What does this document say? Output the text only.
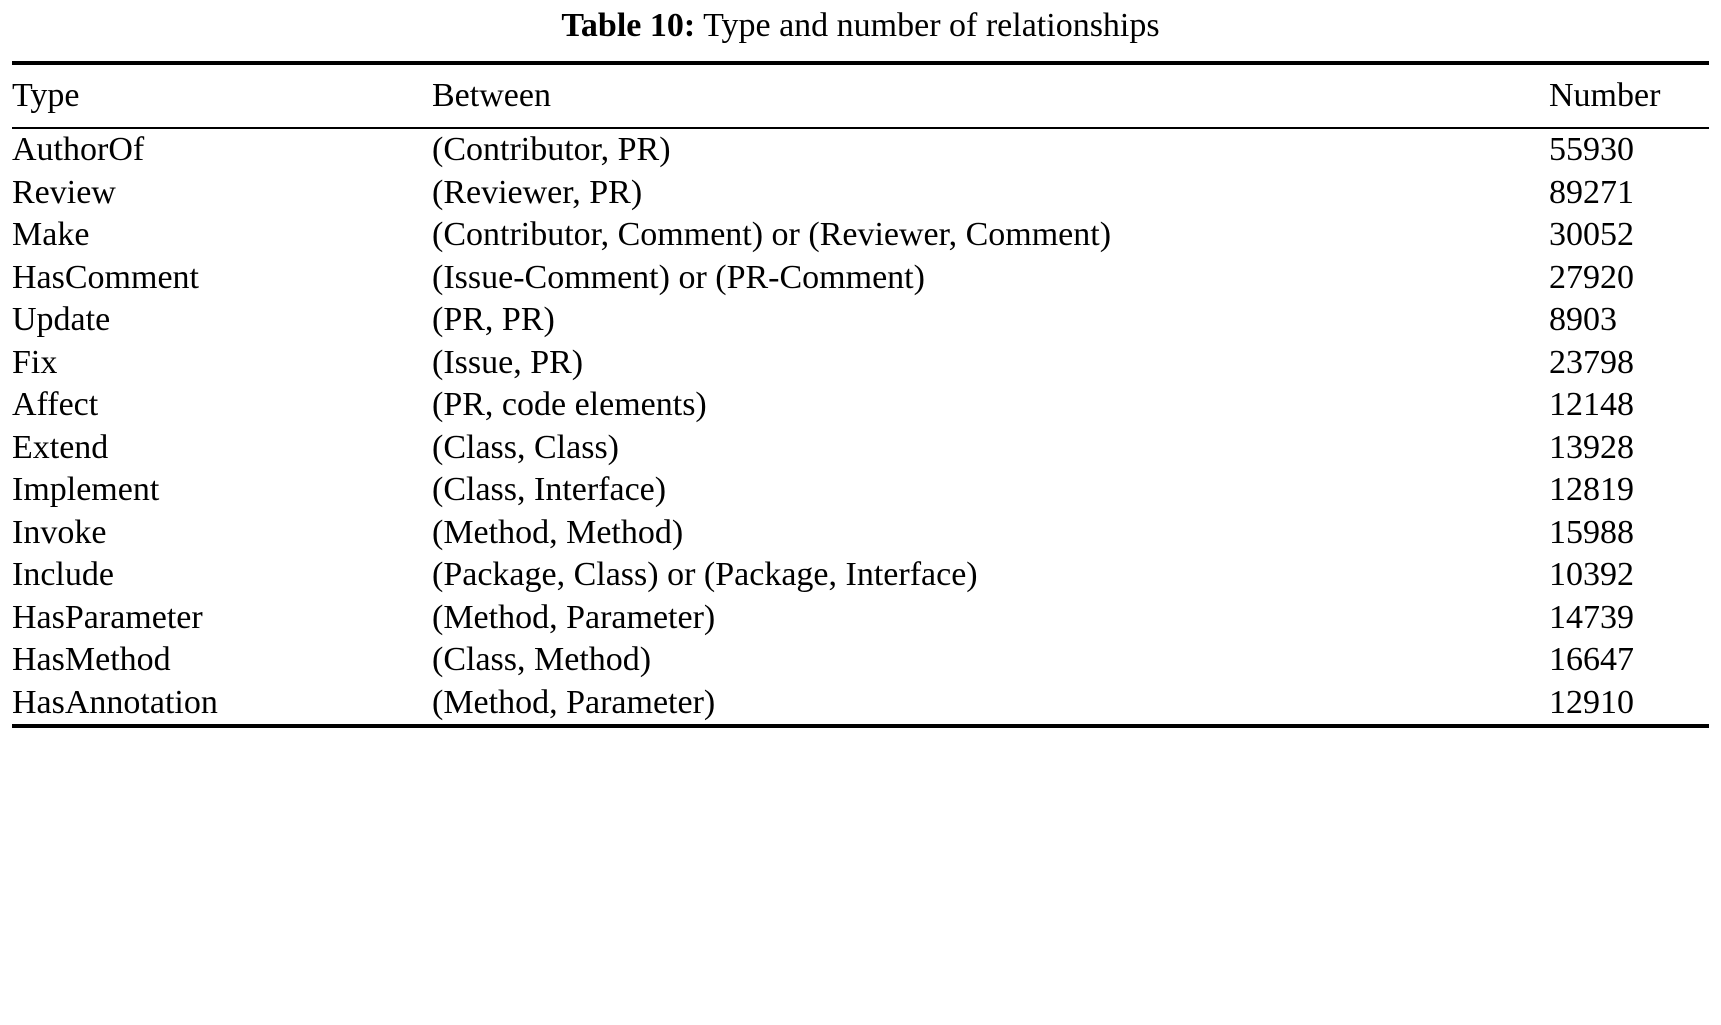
Table 10: Type and number of relationships
Type	Between	Number
AuthorOf	(Contributor, PR)	55930
Review	(Reviewer, PR)	89271
Make	(Contributor, Comment) or (Reviewer, Comment)	30052
HasComment	(Issue-Comment) or (PR-Comment)	27920
Update	(PR, PR)	8903
Fix	(Issue, PR)	23798
Affect	(PR, code elements)	12148
Extend	(Class, Class)	13928
Implement	(Class, Interface)	12819
Invoke	(Method, Method)	15988
Include	(Package, Class) or (Package, Interface)	10392
HasParameter	(Method, Parameter)	14739
HasMethod	(Class, Method)	16647
HasAnnotation	(Method, Parameter)	12910
